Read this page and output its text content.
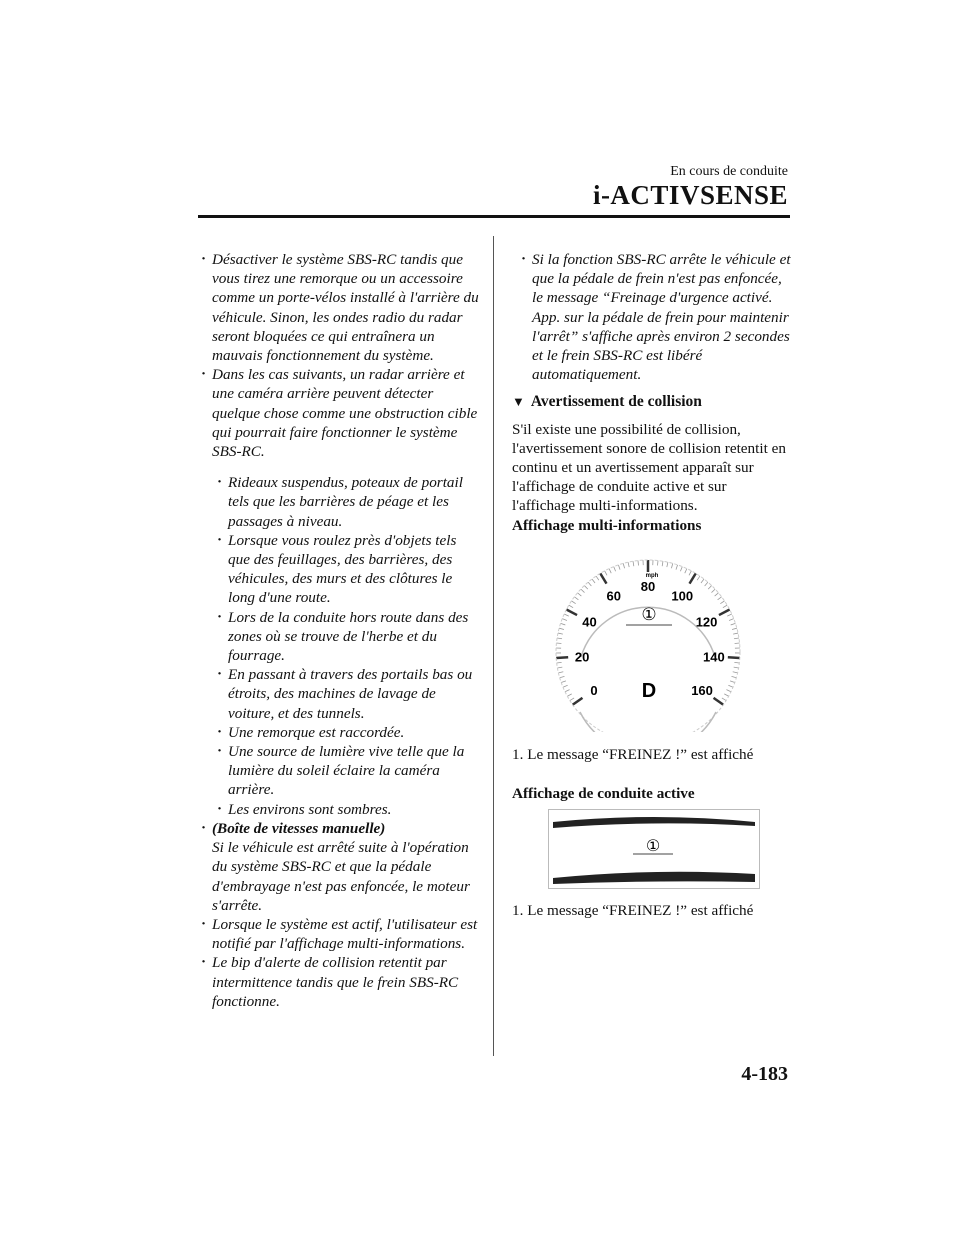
En cours de conduite
i-ACTIVSENSE
· Désactiver le système SBS-RC tandis que vous tirez une remorque ou un accessoire comme un porte-vélos installé à l'arrière du véhicule. Sinon, les ondes radio du radar seront bloquées ce qui entraînera un mauvais fonctionnement du système.
· Dans les cas suivants, un radar arrière et une caméra arrière peuvent détecter quelque chose comme une obstruction cible qui pourrait faire fonctionner le système SBS-RC.
· Rideaux suspendus, poteaux de portail tels que les barrières de péage et les passages à niveau.
· Lorsque vous roulez près d'objets tels que des feuillages, des barrières, des véhicules, des murs et des clôtures le long d'une route.
· Lors de la conduite hors route dans des zones où se trouve de l'herbe et du fourrage.
· En passant à travers des portails bas ou étroits, des machines de lavage de voiture, et des tunnels.
· Une remorque est raccordée.
· Une source de lumière vive telle que la lumière du soleil éclaire la caméra arrière.
· Les environs sont sombres.
· (Boîte de vitesses manuelle)
Si le véhicule est arrêté suite à l'opération du système SBS-RC et que la pédale d'embrayage n'est pas enfoncée, le moteur s'arrête.
· Lorsque le système est actif, l'utilisateur est notifié par l'affichage multi-informations.
· Le bip d'alerte de collision retentit par intermittence tandis que le frein SBS-RC fonctionne.
· Si la fonction SBS-RC arrête le véhicule et que la pédale de frein n'est pas enfoncée, le message “Freinage d'urgence activé. App. sur la pédale de frein pour maintenir l'arrêt” s'affiche après environ 2 secondes et le frein SBS-RC est libéré automatiquement.
▼ Avertissement de collision
S'il existe une possibilité de collision, l'avertissement sonore de collision retentit en continu et un avertissement apparaît sur l'affichage de conduite active et sur l'affichage multi-informations.
Affichage multi-informations
0
20
40
60
80
100
120
140
160
mph
①
D
1. Le message “FREINEZ !” est affiché
Affichage de conduite active
①
1. Le message “FREINEZ !” est affiché
4-183
